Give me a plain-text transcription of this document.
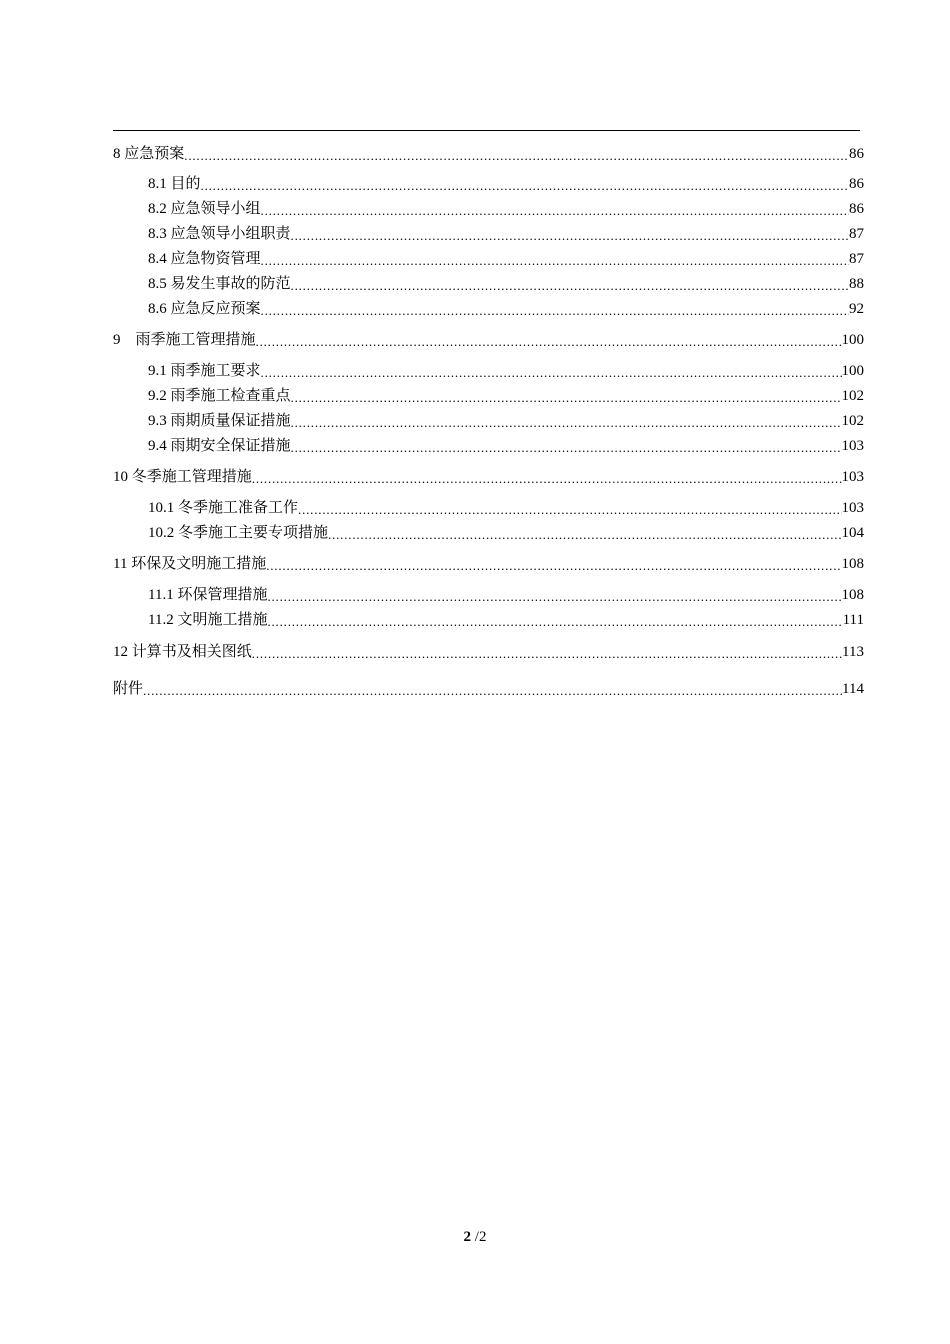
8 应急预案 .....	86
8.1 目的 .....	86
8.2 应急领导小组 .....	86
8.3 应急领导小组职责 .....	87
8.4 应急物资管理 .....	87
8.5 易发生事故的防范 .....	88
8.6 应急反应预案 .....	92
9    雨季施工管理措施 .....	100
9.1 雨季施工要求 .....	100
9.2 雨季施工检查重点 .....	102
9.3 雨期质量保证措施 .....	102
9.4 雨期安全保证措施 .....	103
10 冬季施工管理措施 .....	103
10.1 冬季施工准备工作 .....	103
10.2 冬季施工主要专项措施 .....	104
11 环保及文明施工措施 .....	108
11.1 环保管理措施 .....	108
11.2 文明施工措施 .....	111
12 计算书及相关图纸 .....	113
附件 .....	114
2 /2
